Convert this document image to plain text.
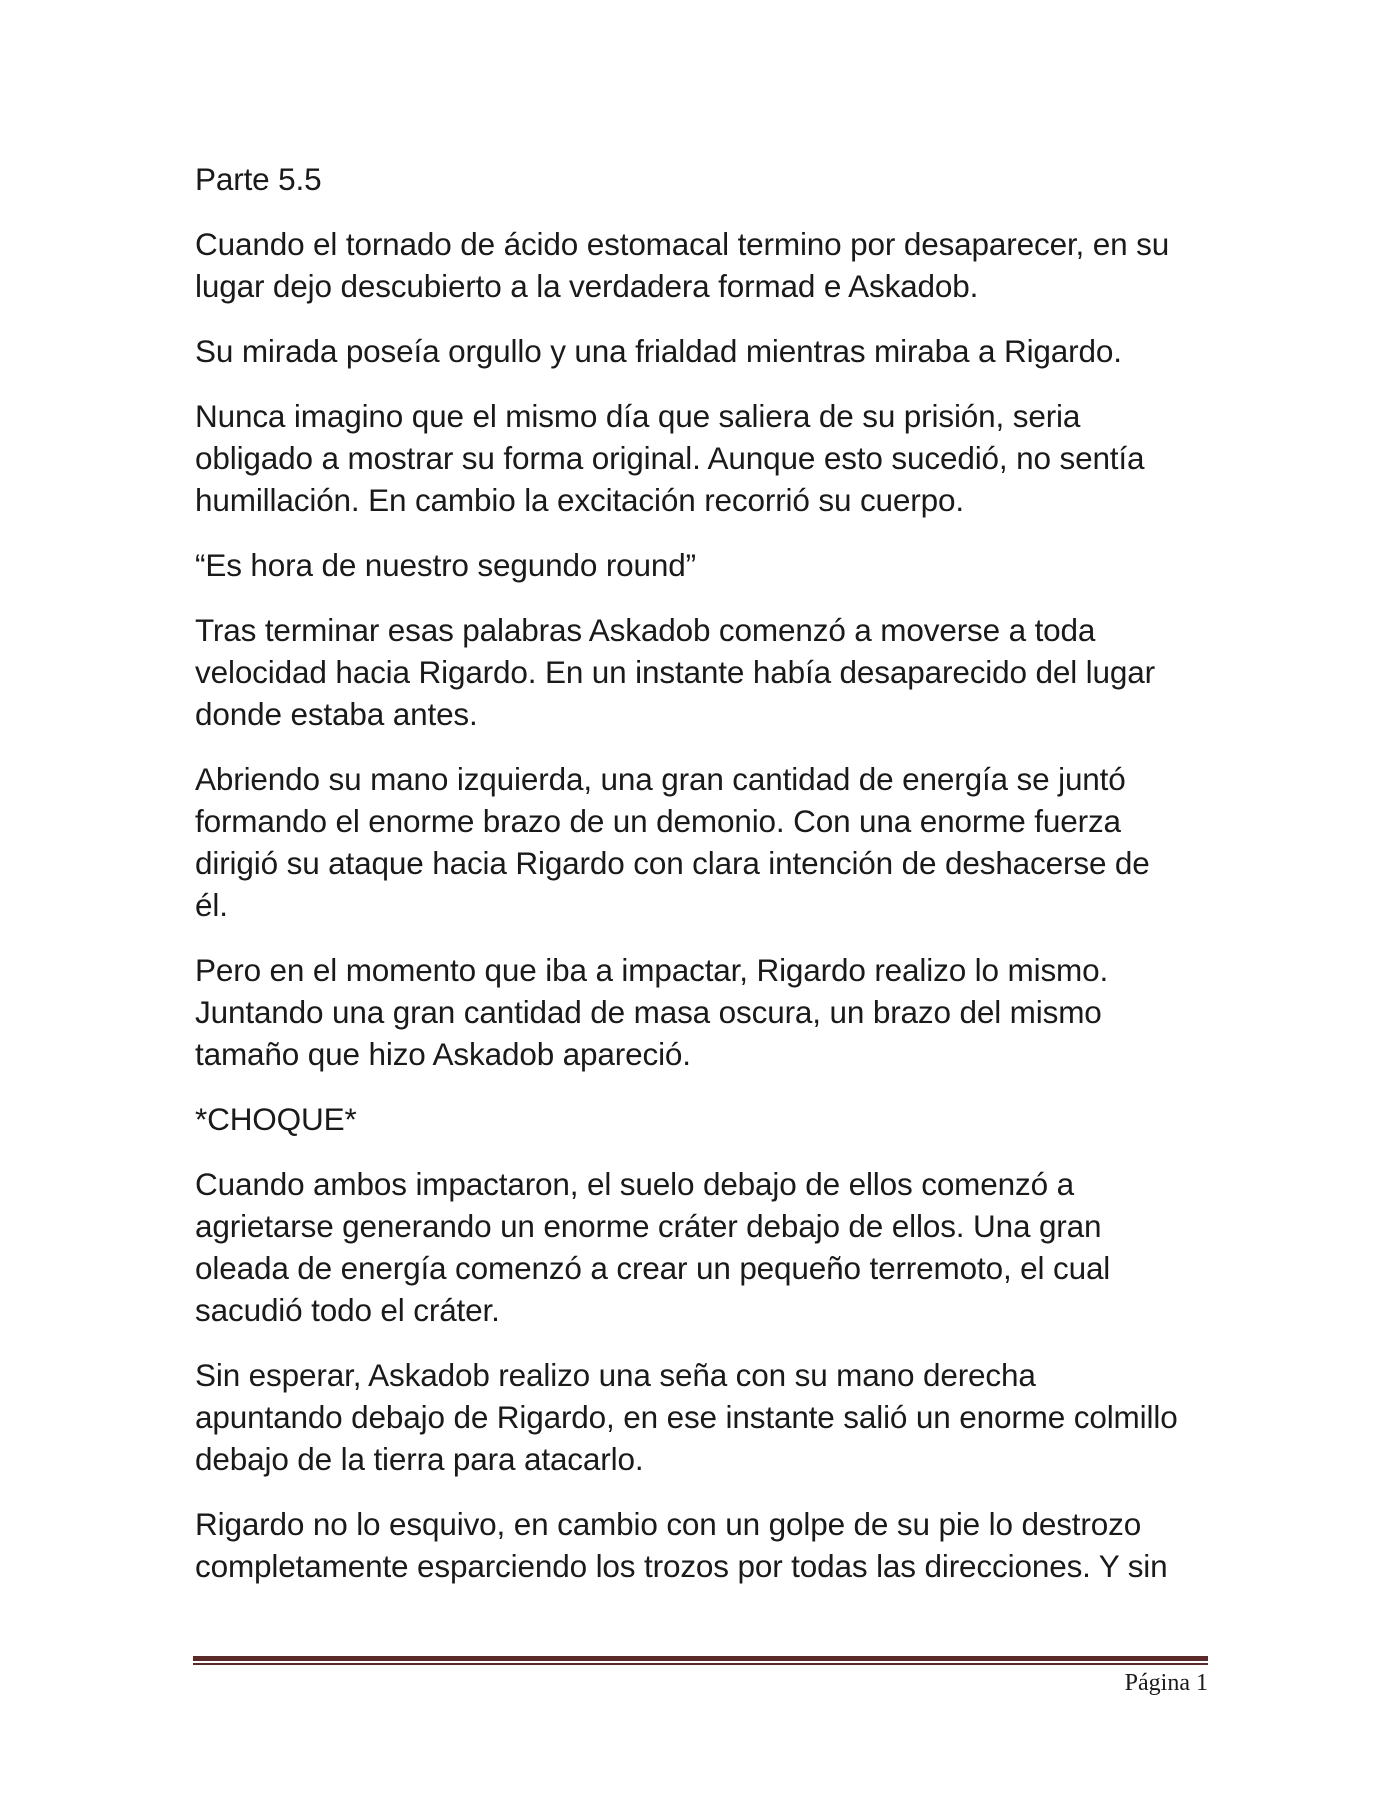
Parte 5.5

Cuando el tornado de ácido estomacal termino por desaparecer, en su
lugar dejo descubierto a la verdadera formad e Askadob.

Su mirada poseía orgullo y una frialdad mientras miraba a Rigardo.

Nunca imagino que el mismo día que saliera de su prisión, seria
obligado a mostrar su forma original. Aunque esto sucedió, no sentía
humillación. En cambio la excitación recorrió su cuerpo.

“Es hora de nuestro segundo round”

Tras terminar esas palabras Askadob comenzó a moverse a toda
velocidad hacia Rigardo. En un instante había desaparecido del lugar
donde estaba antes.

Abriendo su mano izquierda, una gran cantidad de energía se juntó
formando el enorme brazo de un demonio. Con una enorme fuerza
dirigió su ataque hacia Rigardo con clara intención de deshacerse de
él.

Pero en el momento que iba a impactar, Rigardo realizo lo mismo.
Juntando una gran cantidad de masa oscura, un brazo del mismo
tamaño que hizo Askadob apareció.

*CHOQUE*

Cuando ambos impactaron, el suelo debajo de ellos comenzó a
agrietarse generando un enorme cráter debajo de ellos. Una gran
oleada de energía comenzó a crear un pequeño terremoto, el cual
sacudió todo el cráter.

Sin esperar, Askadob realizo una seña con su mano derecha
apuntando debajo de Rigardo, en ese instante salió un enorme colmillo
debajo de la tierra para atacarlo.

Rigardo no lo esquivo, en cambio con un golpe de su pie lo destrozo
completamente esparciendo los trozos por todas las direcciones. Y sin

Página 1
